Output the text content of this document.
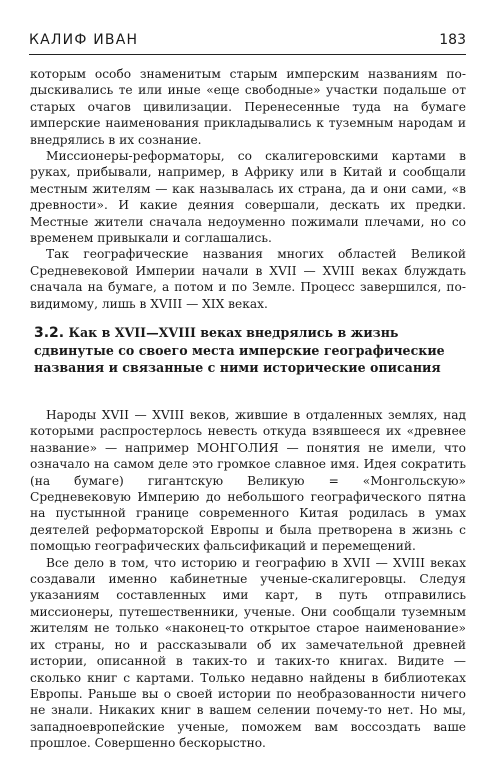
КАЛИФ ИВАН	183

которым особо знаменитым старым имперским названиям по-дыскивались те или иные «еще свободные» участки подальше от старых очагов цивилизации. Перенесенные туда на бумаге имперские наименования прикладывались к туземным народам и внедрялись в их сознание.

Миссионеры-реформаторы, со скалигеровскими картами в руках, прибывали, например, в Африку или в Китай и сообщали местным жителям — как называлась их страна, да и они сами, «в древности». И какие деяния совершали, дескать их предки. Местные жители сначала недоуменно пожимали плечами, но со временем привыкали и соглашались.

Так географические названия многих областей Великой Средневековой Империи начали в XVII — XVIII веках блуждать сначала на бумаге, а потом и по Земле. Процесс завершился, по-видимому, лишь в XVIII — XIX веках.

3.2. Как в XVII—XVIII веках внедрялись в жизнь сдвинутые со своего места имперские географические названия и связанные с ними исторические описания

Народы XVII — XVIII веков, жившие в отдаленных землях, над которыми распростерлось невесть откуда взявшееся их «древнее название» — например МОНГОЛИЯ — понятия не имели, что означало на самом деле это громкое славное имя. Идея сократить (на бумаге) гигантскую Великую = «Монгольскую» Средневековую Империю до небольшого географического пятна на пустынной границе современного Китая родилась в умах деятелей реформаторской Европы и была претворена в жизнь с помощью географических фальсификаций и перемещений.

Все дело в том, что историю и географию в XVII — XVIII веках создавали именно кабинетные ученые-скалигеровцы. Следуя указаниям составленных ими карт, в путь отправились миссионеры, путешественники, ученые. Они сообщали туземным жителям не только «наконец-то открытое старое наименование» их страны, но и рассказывали об их замечательной древней истории, описанной в таких-то и таких-то книгах. Видите — сколько книг с картами. Только недавно найдены в библиотеках Европы. Раньше вы о своей истории по необразованности ничего не знали. Никаких книг в вашем селении почему-то нет. Но мы, западноевропейские ученые, поможем вам воссоздать ваше прошлое. Совершенно бескорыстно.
